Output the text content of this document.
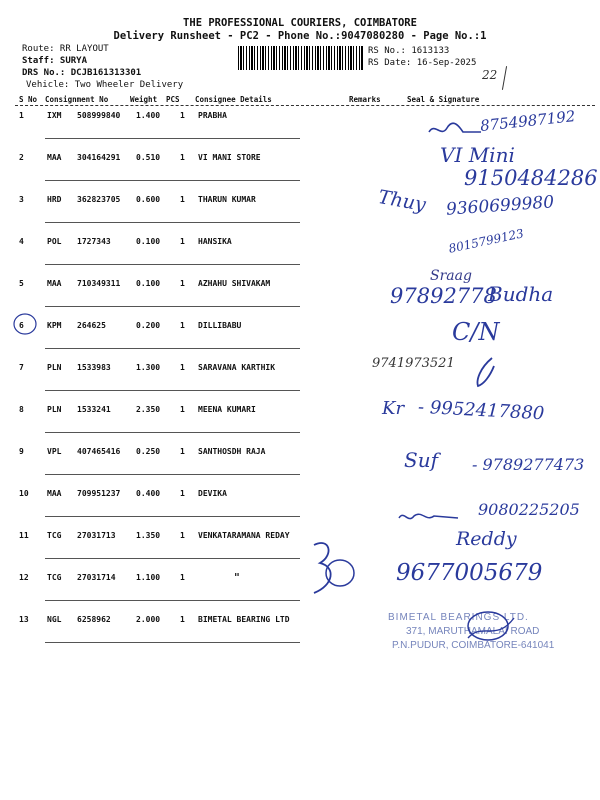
THE PROFESSIONAL COURIERS, COIMBATORE
Delivery Runsheet - PC2 - Phone No.:9047080280 - Page No.:1
Route: RR LAYOUT
Staff: SURYA
DRS No.: DCJB161313301
Vehicle: Two Wheeler Delivery
RS No.: 1613133
RS Date: 16-Sep-2025
22
S No Consignment No	Weight PCS Consignee Details	Remarks	Seal & Signature
1	IXM 508999840 1.400 1 PRABHA
2	MAA 304164291 0.510 1 VI MANI STORE
3	HRD 362823705 0.600 1 THARUN KUMAR
4	POL 1727343	0.100 1 HANSIKA
5	MAA 710349311 0.100 1 AZHAHU SHIVAKAM
6	KPM 264625	0.200 1 DILLIBABU
7	PLN 1533983	1.300 1 SARAVANA KARTHIK
8	PLN 1533241	2.350 1 MEENA KUMARI
9	VPL 407465416 0.250 1 SANTHOSDH RAJA
10 MAA 709951237 0.400 1 DEVIKA
11 TCG 27031713	1.350 1 VENKATARAMANA REDAY
12 TCG 27031714	1.100 1	"
13 NGL 6258962	2.000 1 BIMETAL BEARING LTD
8754987192
VI Mini
9150484286
Thuy 9360699980
8015799123
Sraag
97892778
Budha
C/N
9741973521
Kr - 9952417880
Suf - 9789277473
9080225205
Reddy
9677005679
BIMETAL BEARINGS LTD.
371, MARUTHAMALAI ROAD
P.N.PUDUR, COIMBATORE-641041
